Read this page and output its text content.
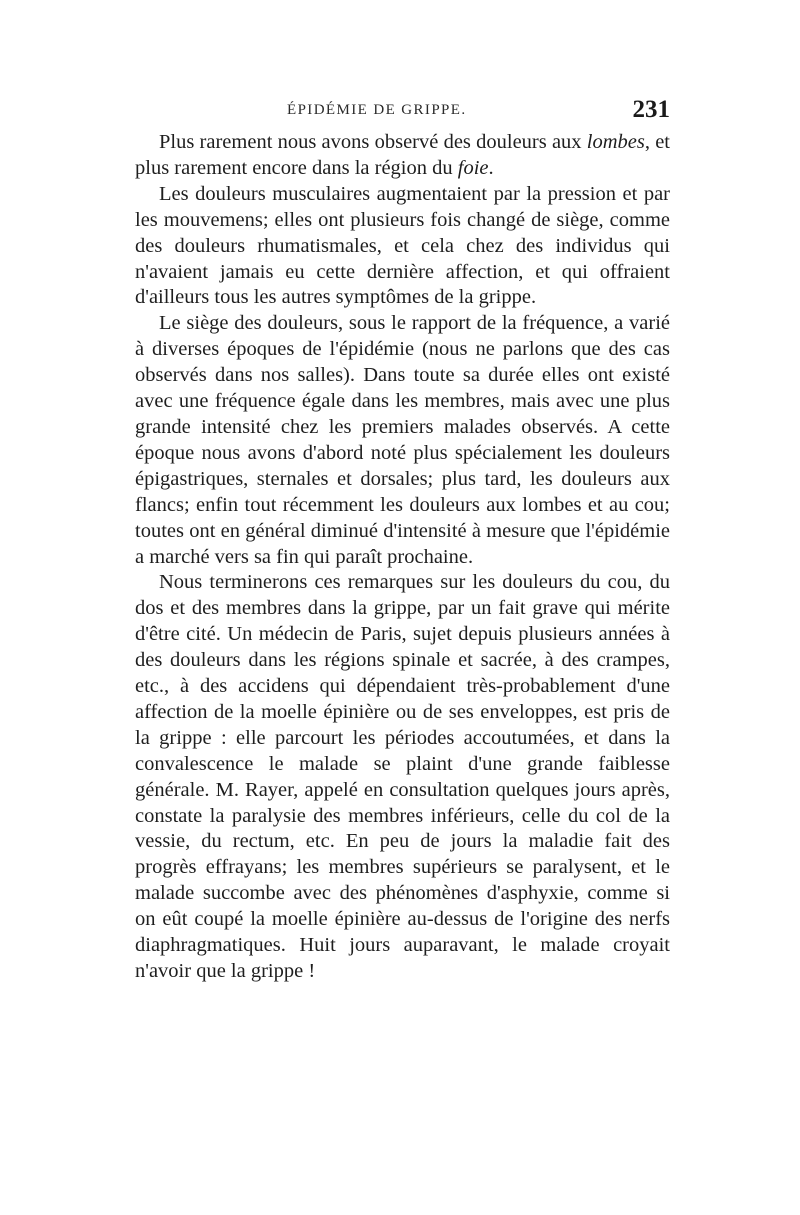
ÉPIDÉMIE DE GRIPPE.	231

Plus rarement nous avons observé des douleurs aux lombes, et plus rarement encore dans la région du foie.

Les douleurs musculaires augmentaient par la pression et par les mouvemens; elles ont plusieurs fois changé de siège, comme des douleurs rhumatismales, et cela chez des individus qui n'avaient jamais eu cette dernière affection, et qui offraient d'ailleurs tous les autres symptômes de la grippe.

Le siège des douleurs, sous le rapport de la fréquence, a varié à diverses époques de l'épidémie (nous ne parlons que des cas observés dans nos salles). Dans toute sa durée elles ont existé avec une fréquence égale dans les membres, mais avec une plus grande intensité chez les premiers malades observés. A cette époque nous avons d'abord noté plus spécialement les douleurs épigastriques, sternales et dorsales; plus tard, les douleurs aux flancs; enfin tout récemment les douleurs aux lombes et au cou; toutes ont en général diminué d'intensité à mesure que l'épidémie a marché vers sa fin qui paraît prochaine.

Nous terminerons ces remarques sur les douleurs du cou, du dos et des membres dans la grippe, par un fait grave qui mérite d'être cité. Un médecin de Paris, sujet depuis plusieurs années à des douleurs dans les régions spinale et sacrée, à des crampes, etc., à des accidens qui dépendaient très-probablement d'une affection de la moelle épinière ou de ses enveloppes, est pris de la grippe : elle parcourt les périodes accoutumées, et dans la convalescence le malade se plaint d'une grande faiblesse générale. M. Rayer, appelé en consultation quelques jours après, constate la paralysie des membres inférieurs, celle du col de la vessie, du rectum, etc. En peu de jours la maladie fait des progrès effrayans; les membres supérieurs se paralysent, et le malade succombe avec des phénomènes d'asphyxie, comme si on eût coupé la moelle épinière au-dessus de l'origine des nerfs diaphragmatiques. Huit jours auparavant, le malade croyait n'avoir que la grippe !
